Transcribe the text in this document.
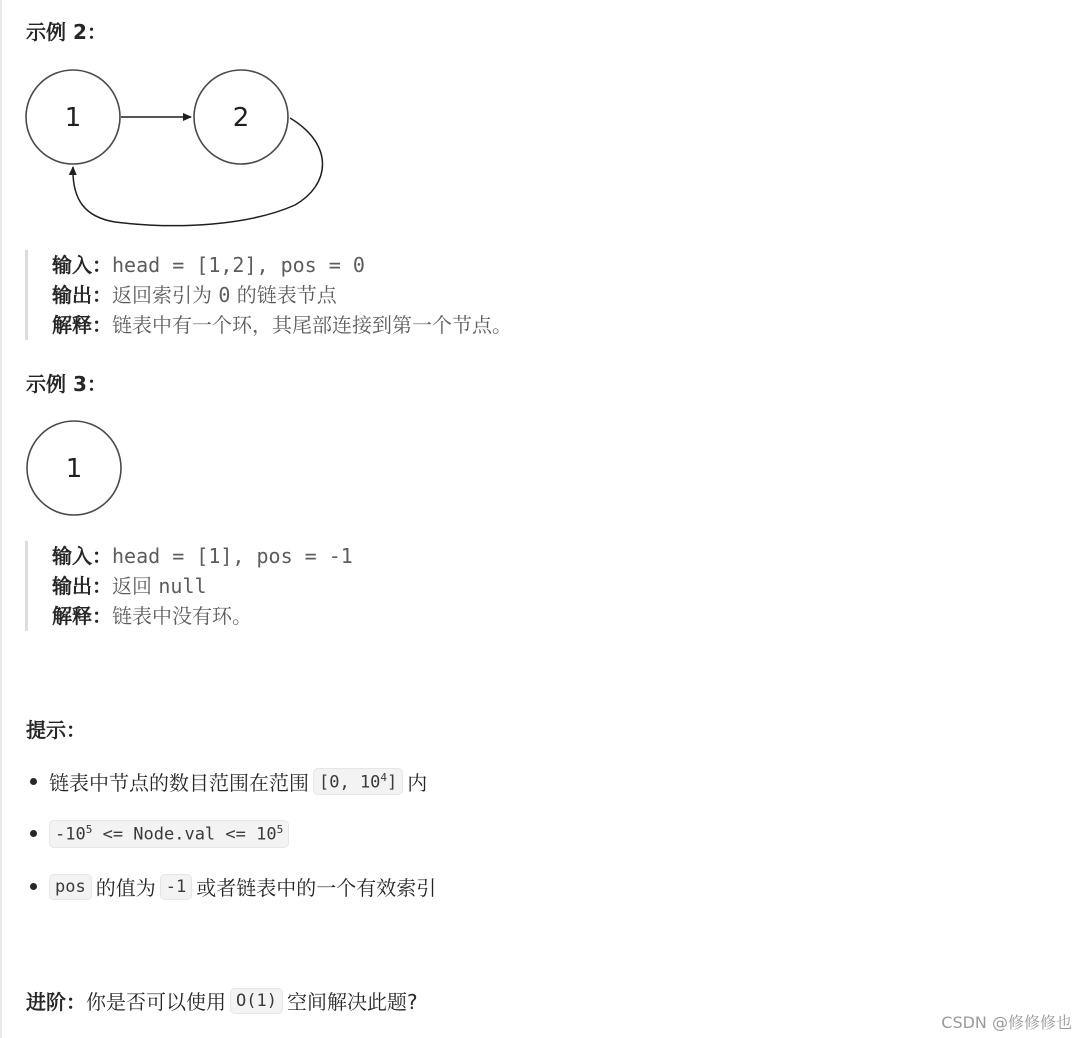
示例 2：
1	2
输入：head = [1,2], pos = 0
输出：返回索引为 0 的链表节点
解释：链表中有一个环，其尾部连接到第一个节点。
示例 3：
1
输入：head = [1], pos = -1
输出：返回 null
解释：链表中没有环。
提示：
链表中节点的数目范围在范围 [0, $10^4$] 内
$-10^5$ <= Node.val <= $10^5$
pos 的值为 -1 或者链表中的一个有效索引
进阶： 你是否可以使用 O(1) 空间解决此题?
CSDN @修修修也
